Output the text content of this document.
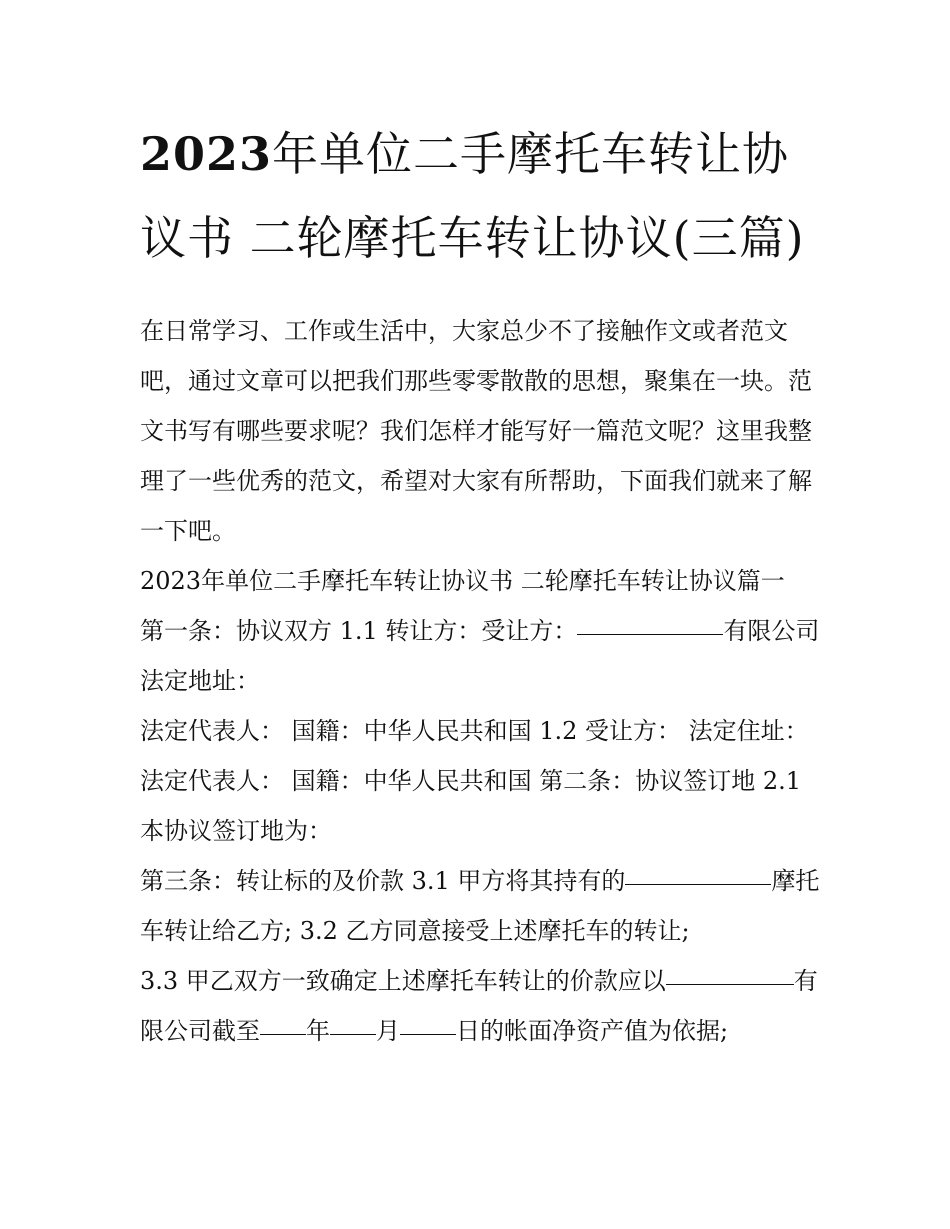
2023年单位二手摩托车转让协议书 二轮摩托车转让协议(三篇)

在日常学习、工作或生活中，大家总少不了接触作文或者范文吧，通过文章可以把我们那些零零散散的思想，聚集在一块。范文书写有哪些要求呢？我们怎样才能写好一篇范文呢？这里我整理了一些优秀的范文，希望对大家有所帮助，下面我们就来了解一下吧。

2023年单位二手摩托车转让协议书 二轮摩托车转让协议篇一

第一条：协议双方 1.1 转让方：受让方：	有限公司 法定地址：

法定代表人： 国籍：中华人民共和国 1.2 受让方： 法定住址： 法定代表人： 国籍：中华人民共和国 第二条：协议签订地 2.1 本协议签订地为：

第三条：转让标的及价款 3.1 甲方将其持有的	摩托车转让给乙方; 3.2 乙方同意接受上述摩托车的转让;

3.3 甲乙双方一致确定上述摩托车转让的价款应以	有限公司截至 年 月 日的帐面净资产值为依据;
